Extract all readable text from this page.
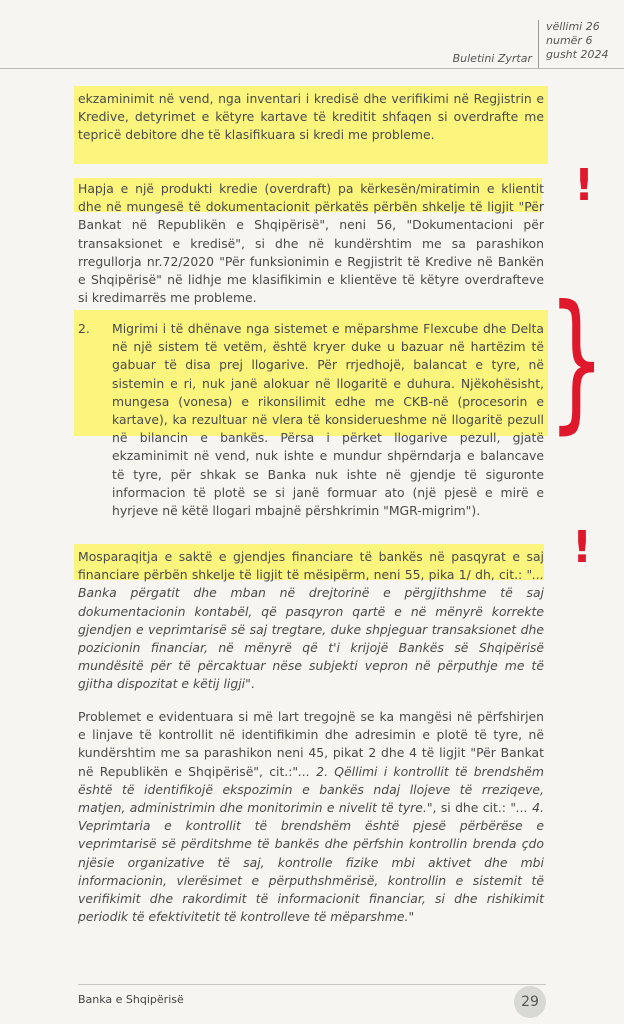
Buletini Zyrtar
vëllimi 26
numër 6
gusht 2024

ekzaminimit në vend, nga inventari i kredisë dhe verifikimi në Regjistrin e Kredive, detyrimet e këtyre kartave të kreditit shfaqen si overdrafte me tepricë debitore dhe të klasifikuara si kredi me probleme.

Hapja e një produkti kredie (overdraft) pa kërkesën/miratimin e klientit dhe në mungesë të dokumentacionit përkatës përbën shkelje të ligjit "Për Bankat në Republikën e Shqipërisë", neni 56, "Dokumentacioni për transaksionet e kredisë", si dhe në kundërshtim me sa parashikon rregullorja nr.72/2020 "Për funksionimin e Regjistrit të Kredive në Bankën e Shqipërisë" në lidhje me klasifikimin e klientëve të këtyre overdrafteve si kredimarrës me probleme.

2.	Migrimi i të dhënave nga sistemet e mëparshme Flexcube dhe Delta në një sistem të vetëm, është kryer duke u bazuar në hartëzim të gabuar të disa prej llogarive. Për rrjedhojë, balancat e tyre, në sistemin e ri, nuk janë alokuar në llogaritë e duhura. Njëkohësisht, mungesa (vonesa) e rikonsilimit edhe me CKB-në (procesorin e kartave), ka rezultuar në vlera të konsiderueshme në llogaritë pezull në bilancin e bankës. Përsa i përket llogarive pezull, gjatë ekzaminimit në vend, nuk ishte e mundur shpërndarja e balancave të tyre, për shkak se Banka nuk ishte në gjendje të siguronte informacion të plotë se si janë formuar ato (një pjesë e mirë e hyrjeve në këtë llogari mbajnë përshkrimin "MGR-migrim").

Mosparaqitja e saktë e gjendjes financiare të bankës në pasqyrat e saj financiare përbën shkelje të ligjit të mësipërm, neni 55, pika 1/ dh, cit.: "... Banka përgatit dhe mban në drejtorinë e përgjithshme të saj dokumentacionin kontabël, që pasqyron qartë e në mënyrë korrekte gjendjen e veprimtarisë së saj tregtare, duke shpjeguar transaksionet dhe pozicionin financiar, në mënyrë që t'i krijojë Bankës së Shqipërisë mundësitë për të përcaktuar nëse subjekti vepron në përputhje me të gjitha dispozitat e këtij ligji".

Problemet e evidentuara si më lart tregojnë se ka mangësi në përfshirjen e linjave të kontrollit në identifikimin dhe adresimin e plotë të tyre, në kundërshtim me sa parashikon neni 45, pikat 2 dhe 4 të ligjit "Për Bankat në Republikën e Shqipërisë", cit.:"... 2. Qëllimi i kontrollit të brendshëm është të identifikojë ekspozimin e bankës ndaj llojeve të rreziqeve, matjen, administrimin dhe monitorimin e nivelit të tyre.", si dhe cit.: "... 4. Veprimtaria e kontrollit të brendshëm është pjesë përbërëse e veprimtarisë së përditshme të bankës dhe përfshin kontrollin brenda çdo njësie organizative të saj, kontrolle fizike mbi aktivet dhe mbi informacionin, vlerësimet e përputhshmërisë, kontrollin e sistemit të verifikimit dhe rakordimit të informacionit financiar, si dhe rishikimit periodik të efektivitetit të kontrolleve të mëparshme."

!
}
!
Banka e Shqipërisë	29
